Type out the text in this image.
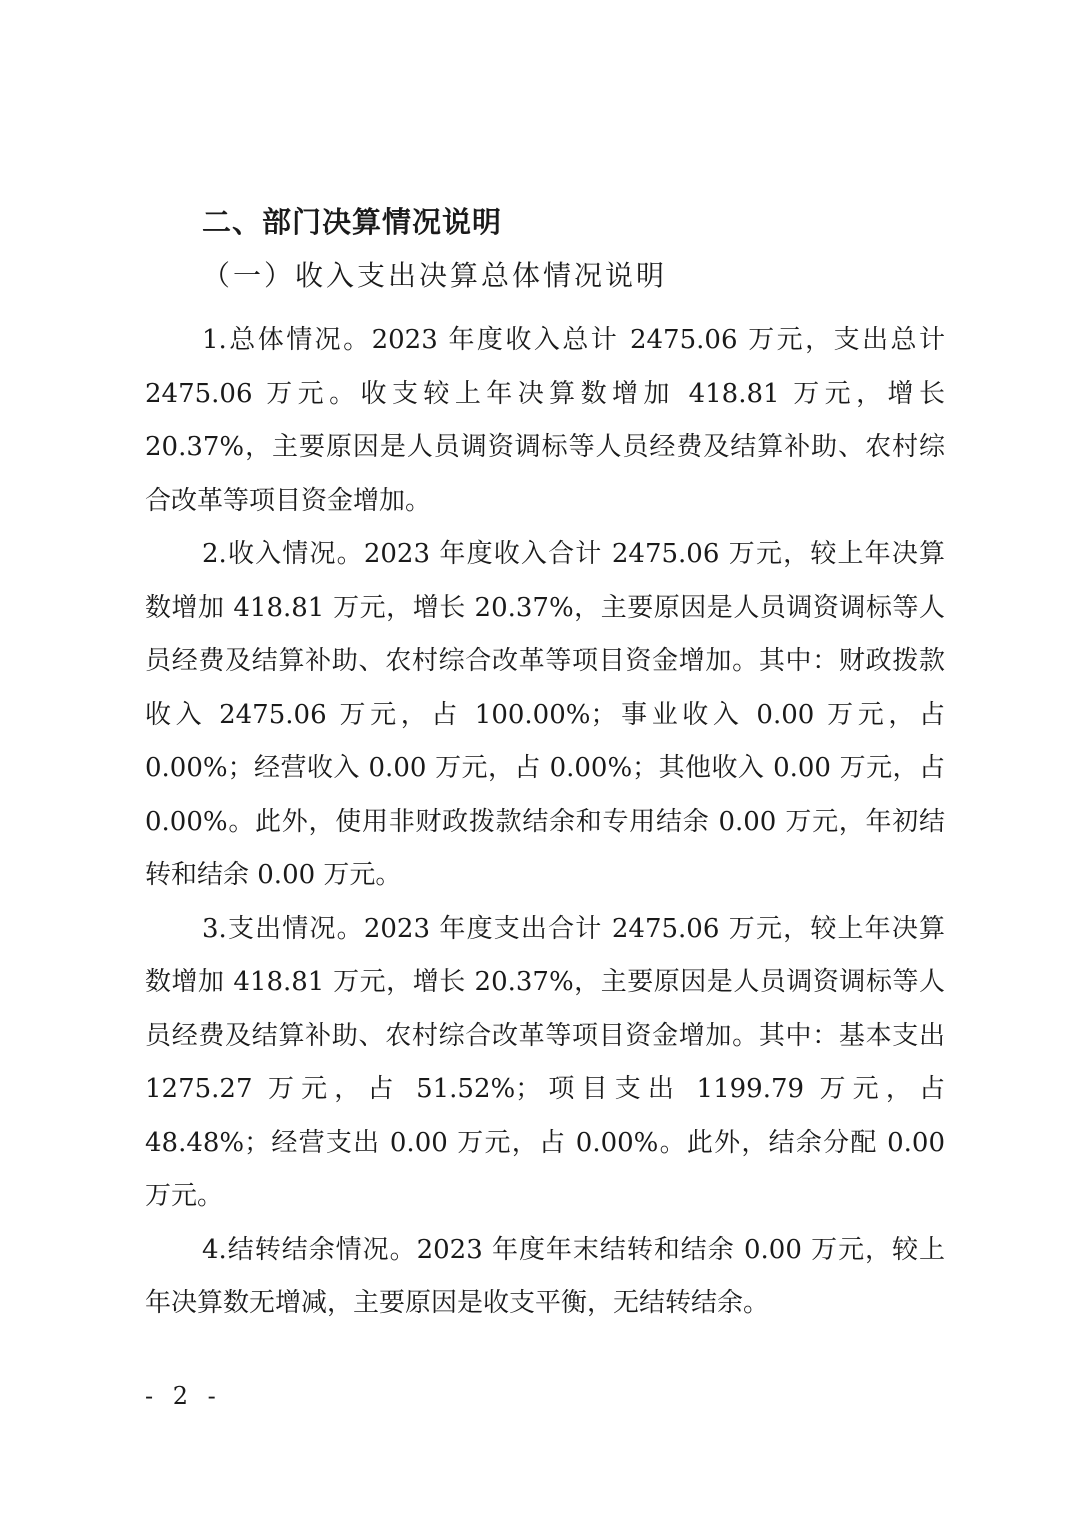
二、部门决算情况说明
（一）收入支出决算总体情况说明

1.总体情况。2023 年度收入总计 2475.06 万元，支出总计 2475.06 万元。收支较上年决算数增加 418.81 万元，增长 20.37%，主要原因是人员调资调标等人员经费及结算补助、农村综合改革等项目资金增加。

2.收入情况。2023 年度收入合计 2475.06 万元，较上年决算数增加 418.81 万元，增长 20.37%，主要原因是人员调资调标等人员经费及结算补助、农村综合改革等项目资金增加。其中：财政拨款收入 2475.06 万元，占 100.00%；事业收入 0.00 万元，占 0.00%；经营收入 0.00 万元，占 0.00%；其他收入 0.00 万元，占 0.00%。此外，使用非财政拨款结余和专用结余 0.00 万元，年初结转和结余 0.00 万元。

3.支出情况。2023 年度支出合计 2475.06 万元，较上年决算数增加 418.81 万元，增长 20.37%，主要原因是人员调资调标等人员经费及结算补助、农村综合改革等项目资金增加。其中：基本支出 1275.27 万元，占 51.52%；项目支出 1199.79 万元，占 48.48%；经营支出 0.00 万元，占 0.00%。此外，结余分配 0.00 万元。

4.结转结余情况。2023 年度年末结转和结余 0.00 万元，较上年决算数无增减，主要原因是收支平衡，无结转结余。

- 2 -
